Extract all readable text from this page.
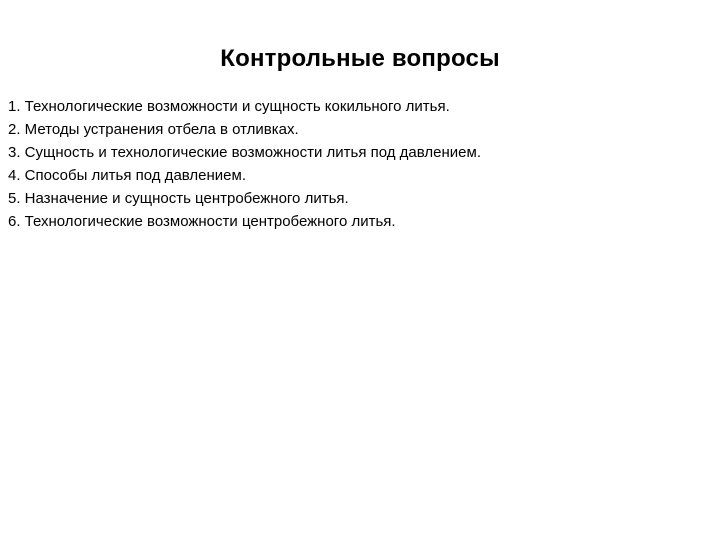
Контрольные вопросы
1. Технологические возможности и сущность кокильного литья.
2. Методы устранения отбела в отливках.
3. Сущность и технологические возможности литья под давлением.
4. Способы литья под давлением.
5. Назначение и сущность центробежного литья.
6. Технологические возможности центробежного литья.
